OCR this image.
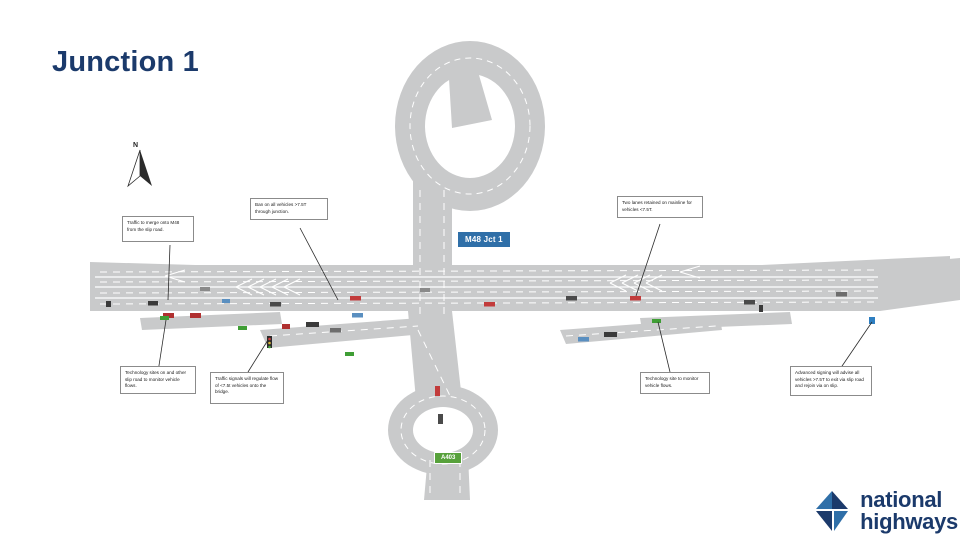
Junction 1
N
M48 Jct 1
A403
Traffic to merge onto M48 from the slip road.
Ban on all vehicles >7.5T through junction.
Two lanes retained on mainline for vehicles <7.5T.
Technology sites on and other slip road to monitor vehicle flows.
Traffic signals will regulate flow of <7.5t vehicles onto the bridge.
Technology site to monitor vehicle flows.
Advanced signing will advise all vehicles >7.5T to exit via slip road and rejoin via on slip.
national
highways
